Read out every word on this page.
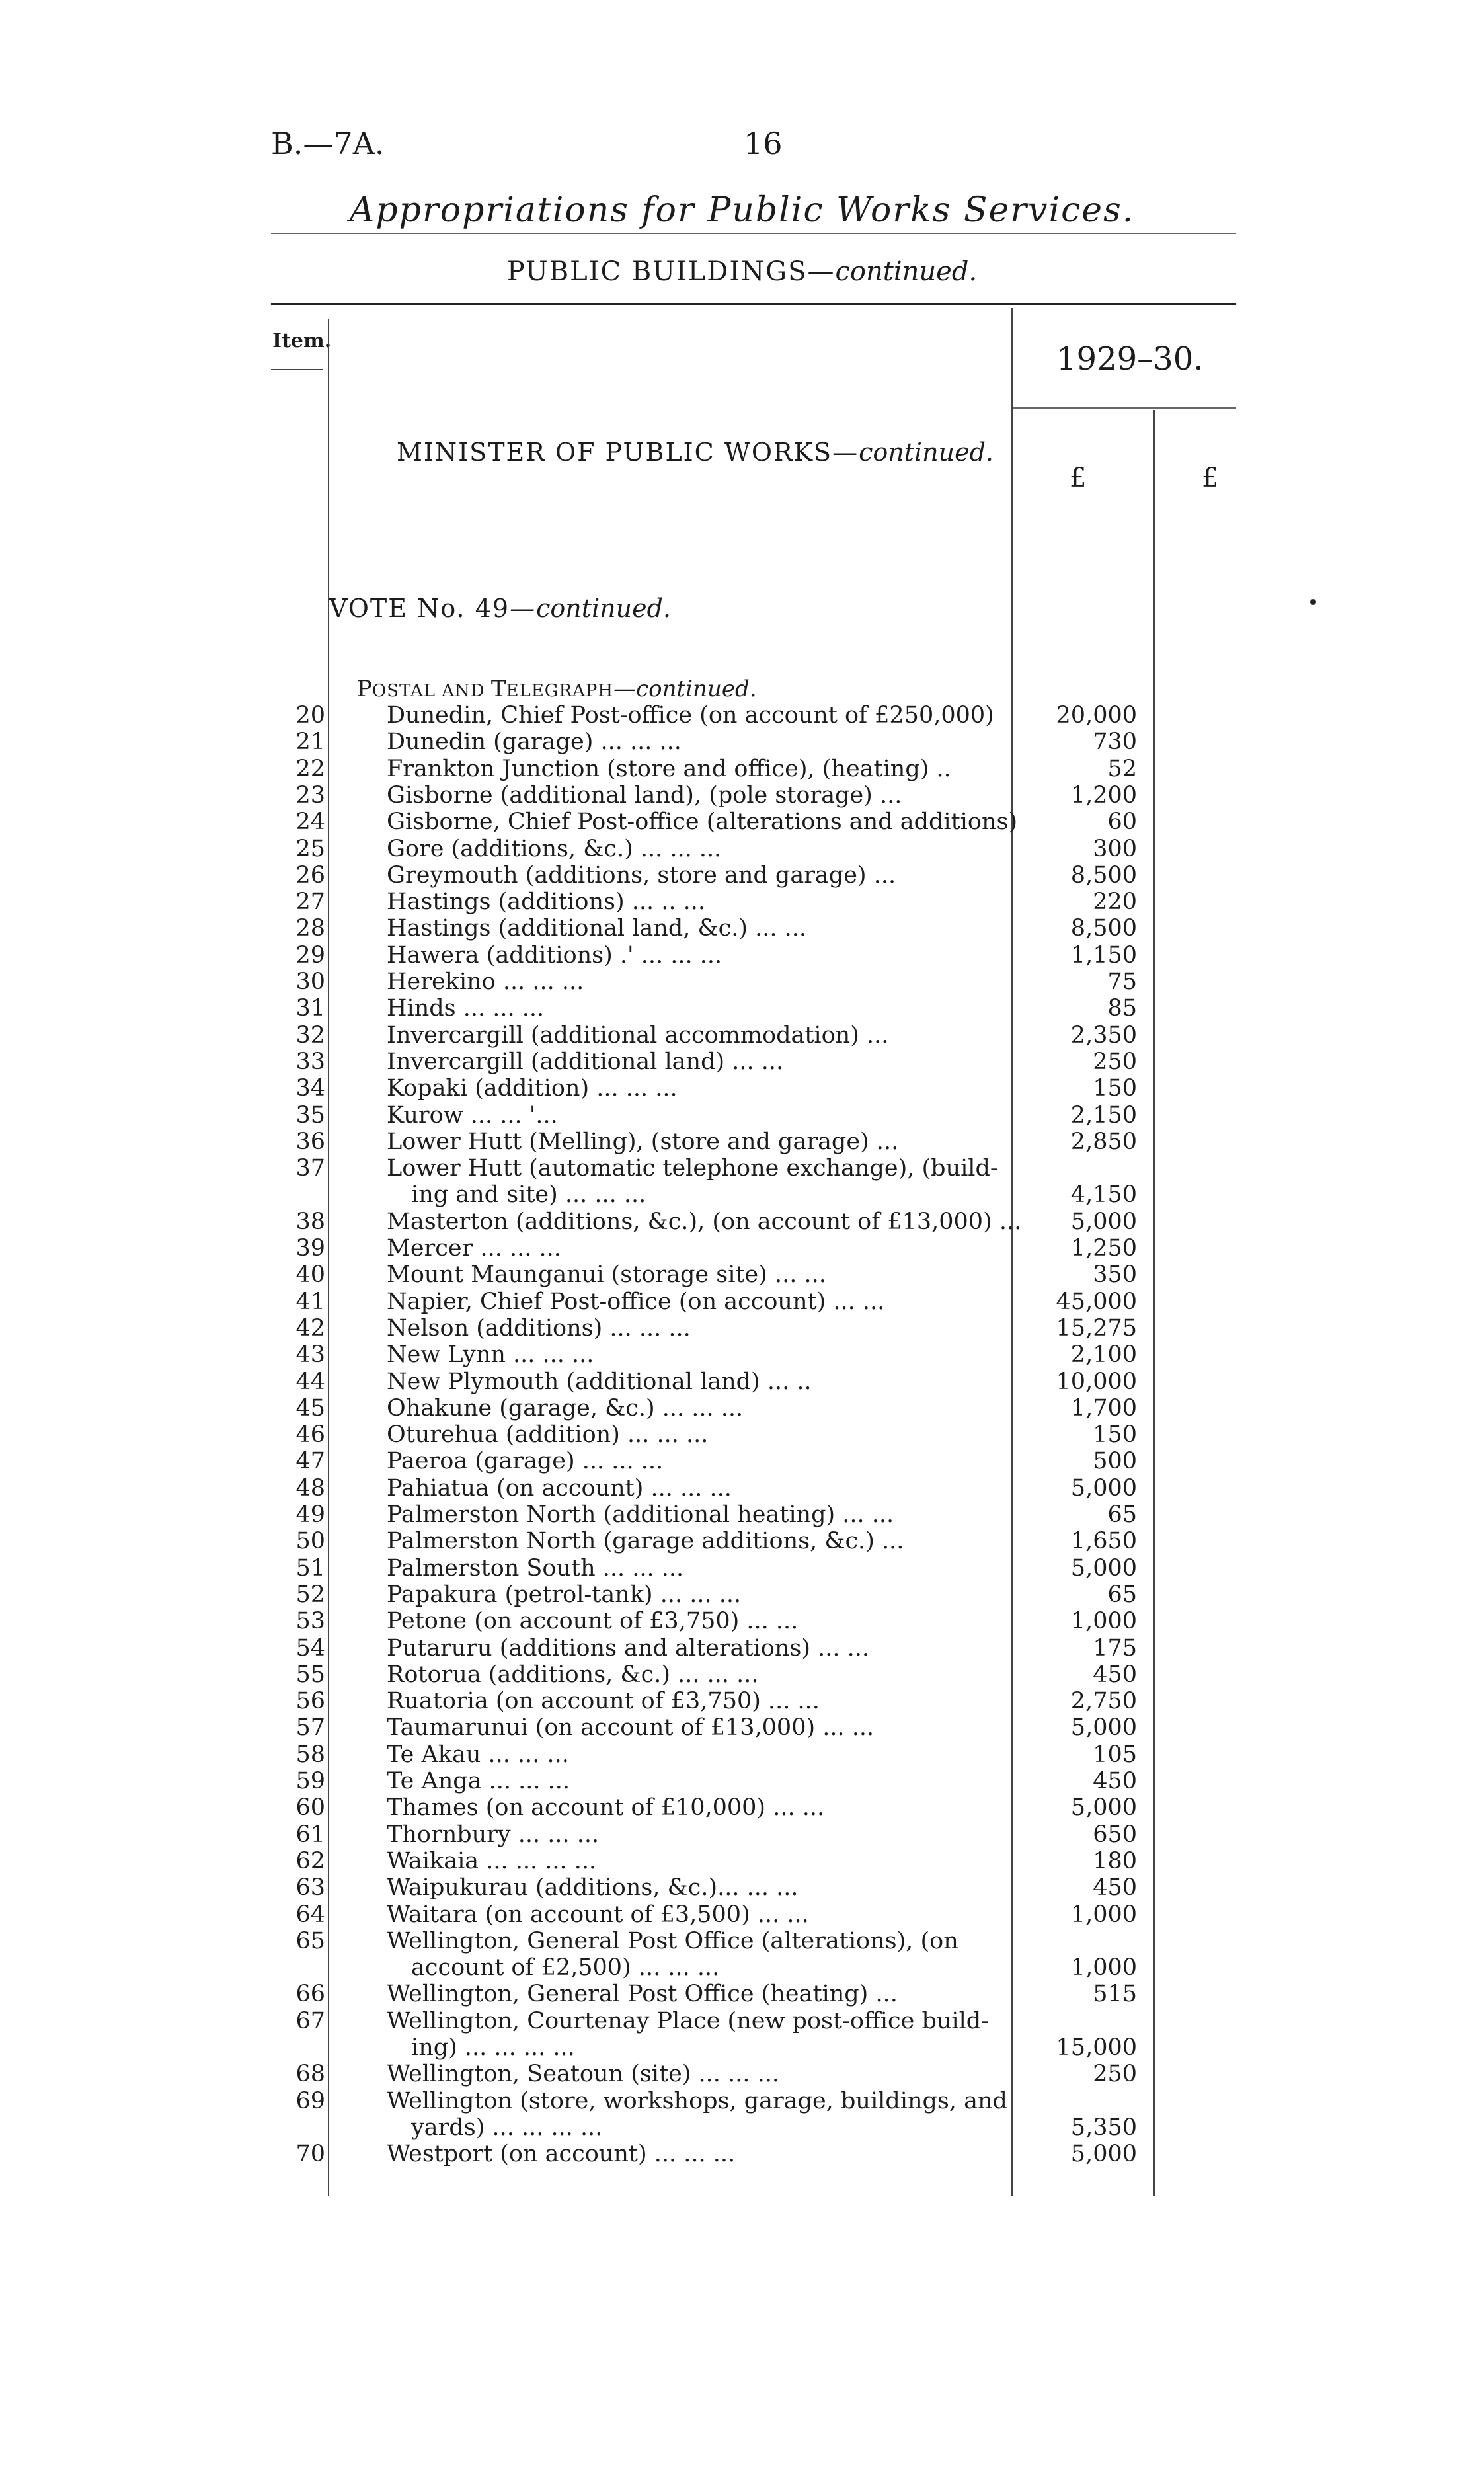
B.—7A.	16
Appropriations for Public Works Services.
PUBLIC BUILDINGS—continued.
Item.	1929–30.
MINISTER OF PUBLIC WORKS—continued.
£	£
VOTE No. 49—continued.
POSTAL AND TELEGRAPH—continued.
20	Dunedin, Chief Post-office (on account of £250,000)	20,000
21	Dunedin (garage) ... ... ...	730
22	Frankton Junction (store and office), (heating) ..	52
23	Gisborne (additional land), (pole storage) ...	1,200
24	Gisborne, Chief Post-office (alterations and additions)	60
25	Gore (additions, &c.) ... ... ...	300
26	Greymouth (additions, store and garage) ...	8,500
27	Hastings (additions) ... .. ...	220
28	Hastings (additional land, &c.) ... ...	8,500
29	Hawera (additions) .' ... ... ...	1,150
30	Herekino ... ... ...	75
31	Hinds ... ... ...	85
32	Invercargill (additional accommodation) ...	2,350
33	Invercargill (additional land) ... ...	250
34	Kopaki (addition) ... ... ...	150
35	Kurow ... ... '...	2,150
36	Lower Hutt (Melling), (store and garage) ...	2,850
37	Lower Hutt (automatic telephone exchange), (build-
ing and site) ... ... ...	4,150
38	Masterton (additions, &c.), (on account of £13,000) ...	5,000
39	Mercer ... ... ...	1,250
40	Mount Maunganui (storage site) ... ...	350
41	Napier, Chief Post-office (on account) ... ...	45,000
42	Nelson (additions) ... ... ...	15,275
43	New Lynn ... ... ...	2,100
44	New Plymouth (additional land) ... ..	10,000
45	Ohakune (garage, &c.) ... ... ...	1,700
46	Oturehua (addition) ... ... ...	150
47	Paeroa (garage) ... ... ...	500
48	Pahiatua (on account) ... ... ...	5,000
49	Palmerston North (additional heating) ... ...	65
50	Palmerston North (garage additions, &c.) ...	1,650
51	Palmerston South ... ... ...	5,000
52	Papakura (petrol-tank) ... ... ...	65
53	Petone (on account of £3,750) ... ...	1,000
54	Putaruru (additions and alterations) ... ...	175
55	Rotorua (additions, &c.) ... ... ...	450
56	Ruatoria (on account of £3,750) ... ...	2,750
57	Taumarunui (on account of £13,000) ... ...	5,000
58	Te Akau ... ... ...	105
59	Te Anga ... ... ...	450
60	Thames (on account of £10,000) ... ...	5,000
61	Thornbury ... ... ...	650
62	Waikaia ... ... ... ...	180
63	Waipukurau (additions, &c.)... ... ...	450
64	Waitara (on account of £3,500) ... ...	1,000
65	Wellington, General Post Office (alterations), (on
account of £2,500) ... ... ...	1,000
66	Wellington, General Post Office (heating) ...	515
67	Wellington, Courtenay Place (new post-office build-
ing) ... ... ... ...	15,000
68	Wellington, Seatoun (site) ... ... ...	250
69	Wellington (store, workshops, garage, buildings, and
yards) ... ... ... ...	5,350
70	Westport (on account) ... ... ...	5,000
